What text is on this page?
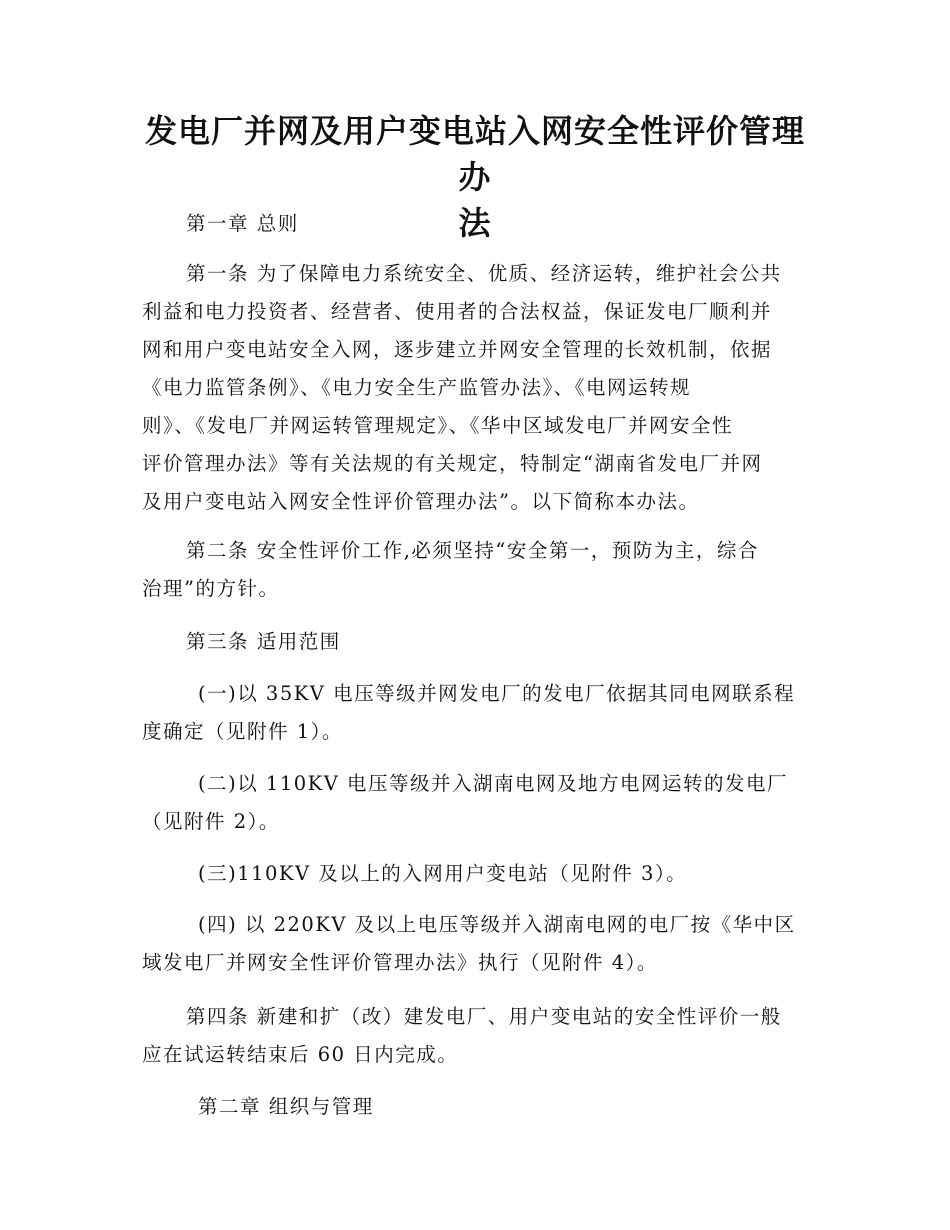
发电厂并网及用户变电站入网安全性评价管理办
法

第一章 总则

第一条 为了保障电力系统安全、优质、经济运转，维护社会公共
利益和电力投资者、经营者、使用者的合法权益，保证发电厂顺利并
网和用户变电站安全入网，逐步建立并网安全管理的长效机制，依据
《电力监管条例》、《电力安全生产监管办法》、《电网运转规
则》、《发电厂并网运转管理规定》、《华中区域发电厂并网安全性
评价管理办法》等有关法规的有关规定，特制定“湖南省发电厂并网
及用户变电站入网安全性评价管理办法”。以下简称本办法。

第二条 安全性评价工作,必须坚持“安全第一，预防为主，综合
治理”的方针。

第三条 适用范围

(一)以 35KV 电压等级并网发电厂的发电厂依据其同电网联系程
度确定（见附件 1）。

(二)以 110KV 电压等级并入湖南电网及地方电网运转的发电厂
（见附件 2）。

(三)110KV 及以上的入网用户变电站（见附件 3）。

(四) 以 220KV 及以上电压等级并入湖南电网的电厂按《华中区
域发电厂并网安全性评价管理办法》执行（见附件 4）。

第四条 新建和扩（改）建发电厂、用户变电站的安全性评价一般
应在试运转结束后 60 日内完成。

第二章 组织与管理
